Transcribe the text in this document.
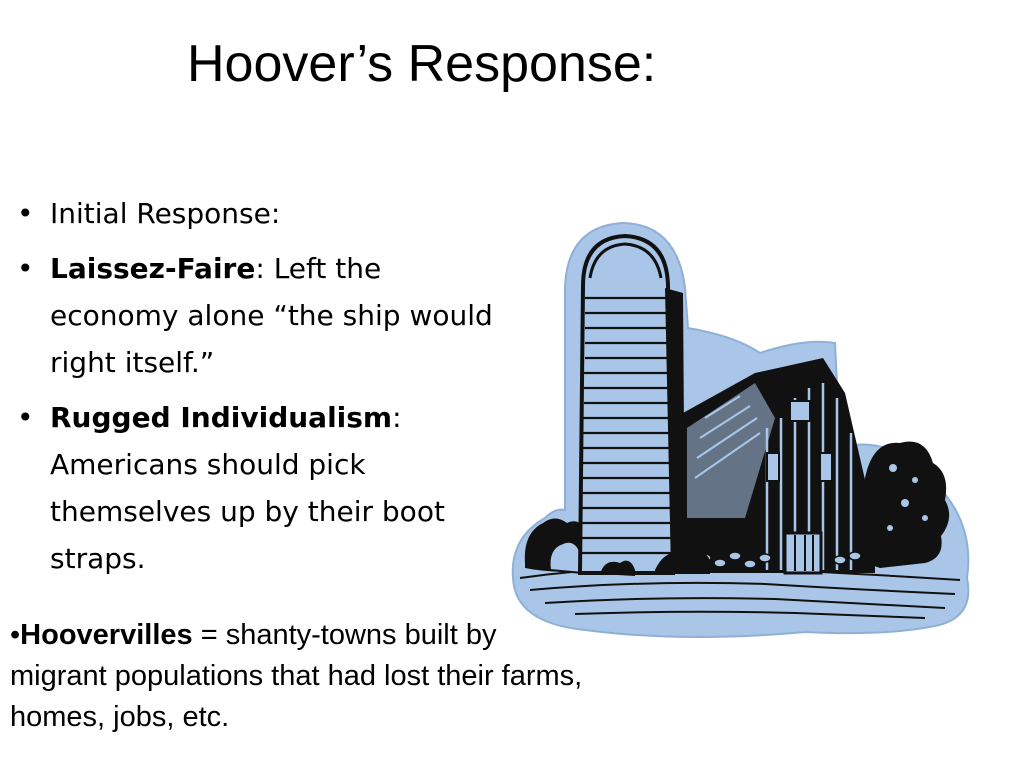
Hoover’s Response:
• Initial Response:
• Laissez-Faire: Left the economy alone “the ship would right itself.”
• Rugged Individualism: Americans should pick themselves up by their boot straps.
•Hoovervilles = shanty-towns built by migrant populations that had lost their farms, homes, jobs, etc.
